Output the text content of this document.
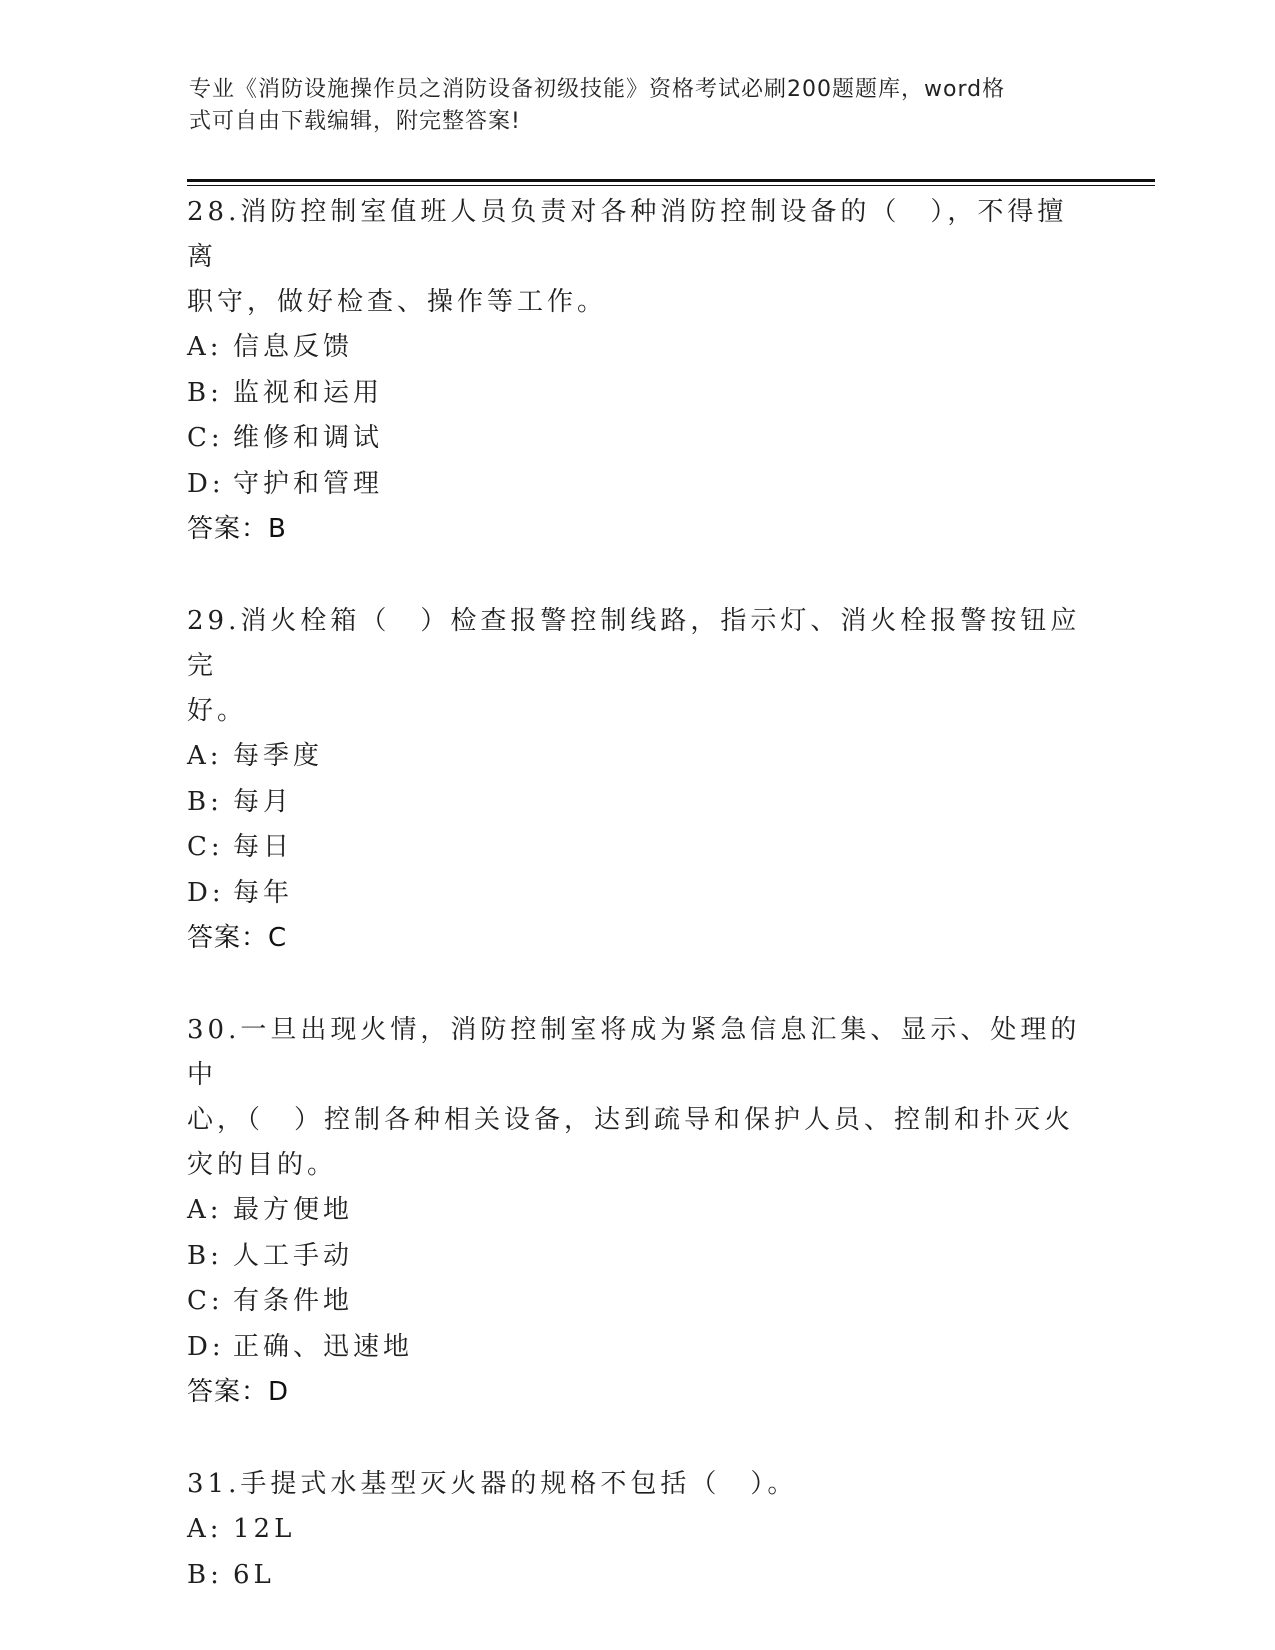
专业《消防设施操作员之消防设备初级技能》资格考试必刷200题题库，word格
式可自由下载编辑，附完整答案!
28.消防控制室值班人员负责对各种消防控制设备的（　），不得擅离
职守，做好检查、操作等工作。
A: 信息反馈
B: 监视和运用
C: 维修和调试
D: 守护和管理
答案：B
29.消火栓箱（　）检查报警控制线路，指示灯、消火栓报警按钮应完
好。
A: 每季度
B: 每月
C: 每日
D: 每年
答案：C
30.一旦出现火情，消防控制室将成为紧急信息汇集、显示、处理的中
心，（　）控制各种相关设备，达到疏导和保护人员、控制和扑灭火
灾的目的。
A: 最方便地
B: 人工手动
C: 有条件地
D: 正确、迅速地
答案：D
31.手提式水基型灭火器的规格不包括（　）。
A: 12L
B: 6L
